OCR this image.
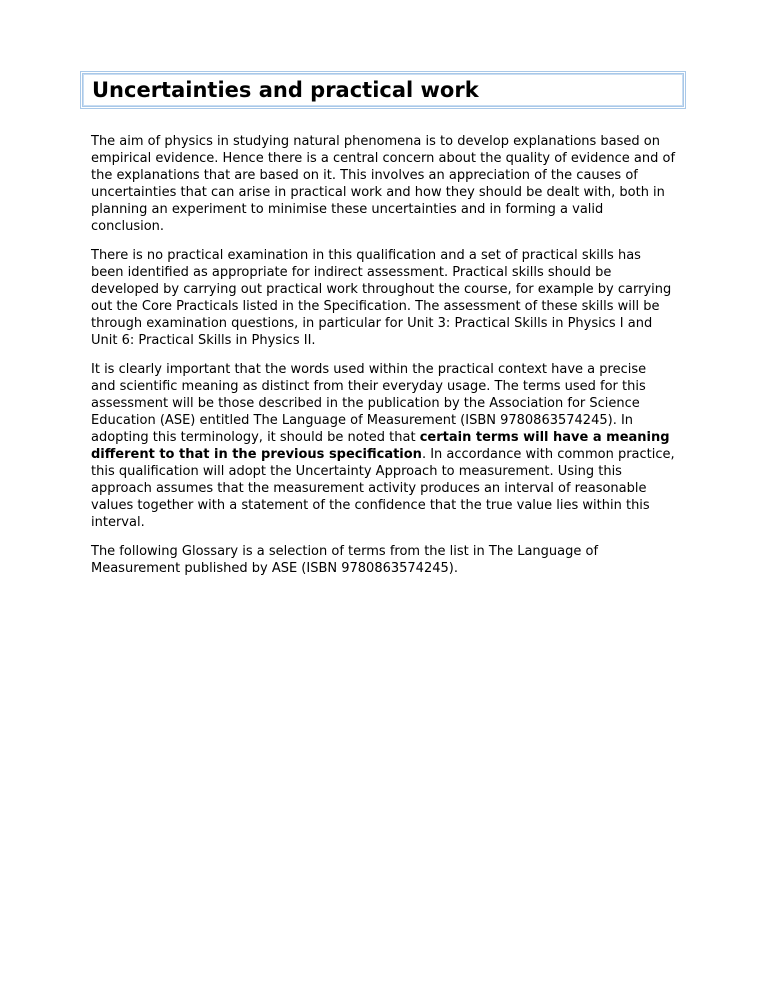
Uncertainties and practical work

The aim of physics in studying natural phenomena is to develop explanations based on
empirical evidence. Hence there is a central concern about the quality of evidence and of
the explanations that are based on it. This involves an appreciation of the causes of
uncertainties that can arise in practical work and how they should be dealt with, both in
planning an experiment to minimise these uncertainties and in forming a valid
conclusion.

There is no practical examination in this qualification and a set of practical skills has
been identified as appropriate for indirect assessment. Practical skills should be
developed by carrying out practical work throughout the course, for example by carrying
out the Core Practicals listed in the Specification. The assessment of these skills will be
through examination questions, in particular for Unit 3: Practical Skills in Physics I and
Unit 6: Practical Skills in Physics II.

It is clearly important that the words used within the practical context have a precise
and scientific meaning as distinct from their everyday usage. The terms used for this
assessment will be those described in the publication by the Association for Science
Education (ASE) entitled The Language of Measurement (ISBN 9780863574245). In
adopting this terminology, it should be noted that certain terms will have a meaning
different to that in the previous specification. In accordance with common practice,
this qualification will adopt the Uncertainty Approach to measurement. Using this
approach assumes that the measurement activity produces an interval of reasonable
values together with a statement of the confidence that the true value lies within this
interval.

The following Glossary is a selection of terms from the list in The Language of
Measurement published by ASE (ISBN 9780863574245).
